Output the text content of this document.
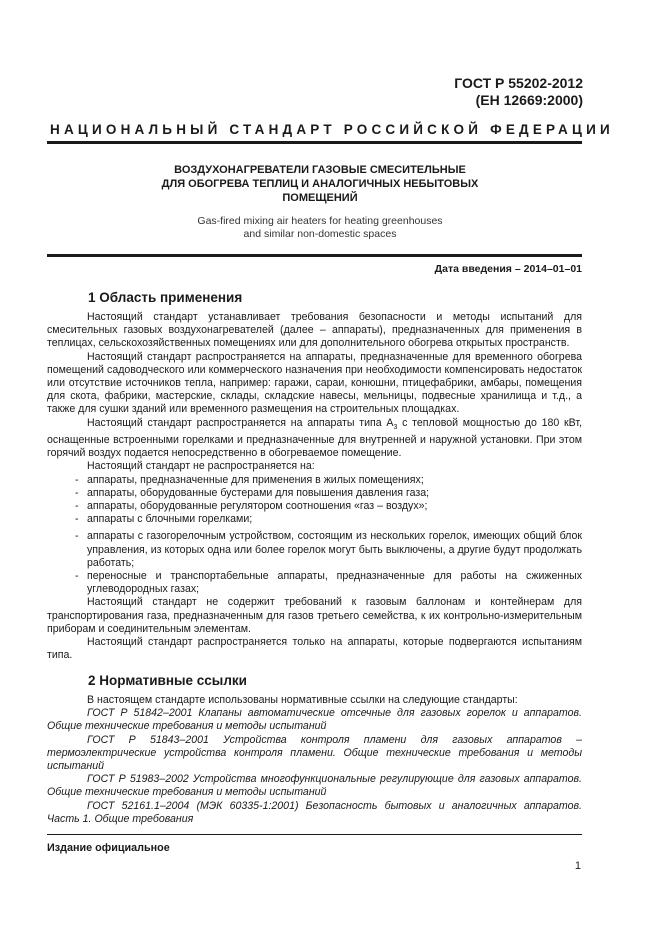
ГОСТ Р 55202-2012
(ЕН 12669:2000)
НАЦИОНАЛЬНЫЙ СТАНДАРТ РОССИЙСКОЙ ФЕДЕРАЦИИ
ВОЗДУХОНАГРЕВАТЕЛИ ГАЗОВЫЕ СМЕСИТЕЛЬНЫЕ
ДЛЯ ОБОГРЕВА ТЕПЛИЦ И АНАЛОГИЧНЫХ НЕБЫТОВЫХ
ПОМЕЩЕНИЙ
Gas-fired mixing air heaters for heating greenhouses
and similar non-domestic spaces
Дата введения – 2014–01–01
1 Область применения

Настоящий стандарт устанавливает требования безопасности и методы испытаний для смесительных газовых воздухонагревателей (далее – аппараты), предназначенных для применения в теплицах, сельскохозяйственных помещениях или для дополнительного обогрева открытых пространств.

Настоящий стандарт распространяется на аппараты, предназначенные для временного обогрева помещений садоводческого или коммерческого назначения при необходимости компенсировать недостаток или отсутствие источников тепла, например: гаражи, сараи, конюшни, птицефабрики, амбары, помещения для скота, фабрики, мастерские, склады, складские навесы, мельницы, подвесные хранилища и т.д., а также для сушки зданий или временного размещения на строительных площадках.

Настоящий стандарт распространяется на аппараты типа $A_3$ с тепловой мощностью до 180 кВт, оснащенные встроенными горелками и предназначенные для внутренней и наружной установки. При этом горячий воздух подается непосредственно в обогреваемое помещение.

Настоящий стандарт не распространяется на:

- аппараты, предназначенные для применения в жилых помещениях;

- аппараты, оборудованные бустерами для повышения давления газа;

- аппараты, оборудованные регулятором соотношения «газ – воздух»;

- аппараты с блочными горелками;

- аппараты с газогорелочным устройством, состоящим из нескольких горелок, имеющих общий блок управления, из которых одна или более горелок могут быть выключены, а другие будут продолжать работать;

- переносные и транспортабельные аппараты, предназначенные для работы на сжиженных углеводородных газах;

Настоящий стандарт не содержит требований к газовым баллонам и контейнерам для транспортирования газа, предназначенным для газов третьего семейства, к их контрольно-измерительным приборам и соединительным элементам.

Настоящий стандарт распространяется только на аппараты, которые подвергаются испытаниям типа.

2 Нормативные ссылки

В настоящем стандарте использованы нормативные ссылки на следующие стандарты:

ГОСТ Р 51842–2001 Клапаны автоматические отсечные для газовых горелок и аппаратов. Общие технические требования и методы испытаний

ГОСТ Р 51843–2001 Устройства контроля пламени для газовых аппаратов – термоэлектрические устройства контроля пламени. Общие технические требования и методы испытаний

ГОСТ Р 51983–2002 Устройства многофункциональные регулирующие для газовых аппаратов. Общие технические требования и методы испытаний

ГОСТ 52161.1–2004 (МЭК 60335-1:2001) Безопасность бытовых и аналогичных аппаратов. Часть 1. Общие требования

Издание официальное
1
